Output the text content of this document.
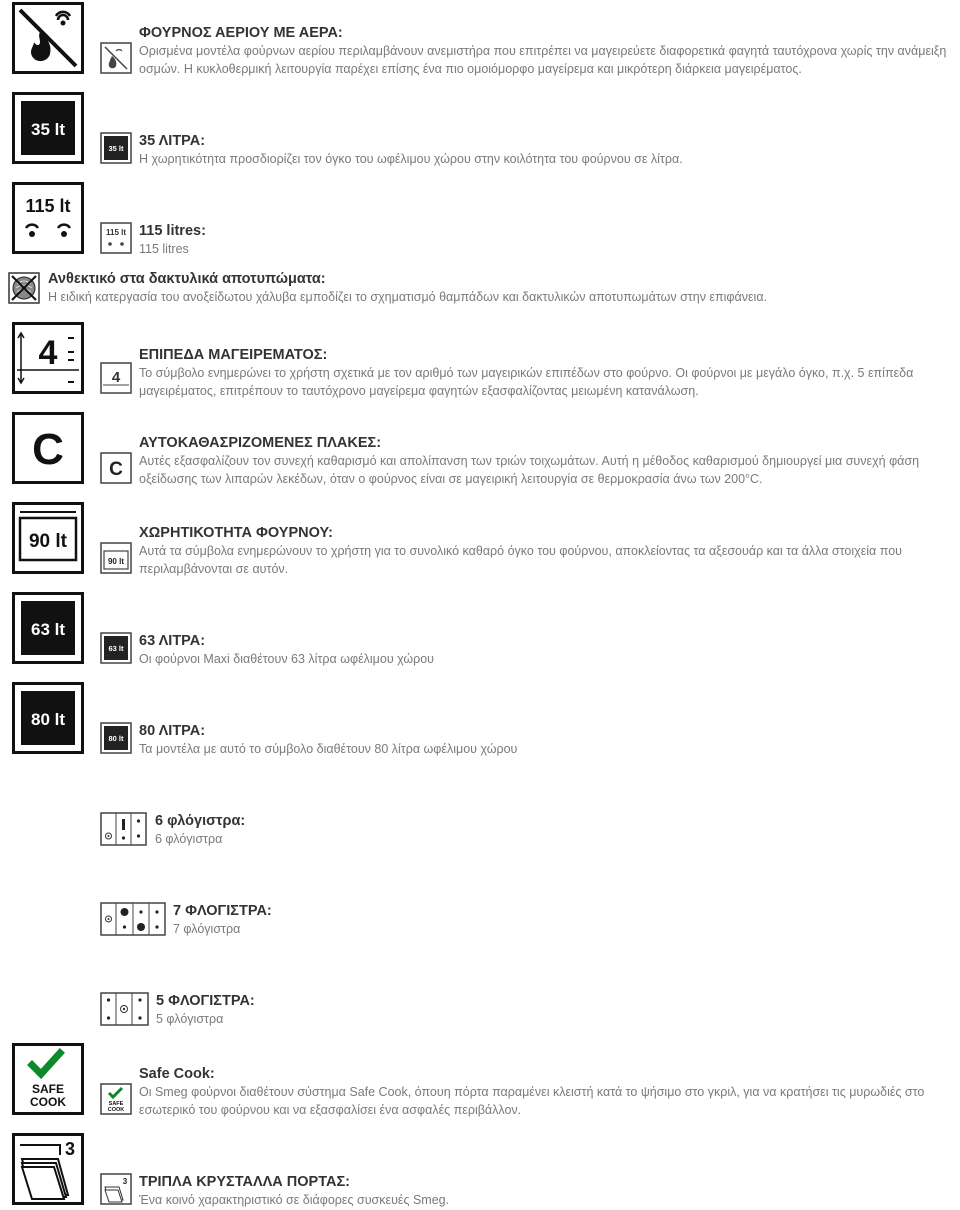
ΦΟΥΡΝΟΣ ΑΕΡΙΟΥ ΜΕ ΑΕΡΑ:
Ορισμένα μοντέλα φούρνων αερίου περιλαμβάνουν ανεμιστήρα που επιτρέπει να μαγειρεύετε διαφορετικά φαγητά ταυτόχρονα χωρίς την ανάμειξη οσμών. Η κυκλοθερμική λειτουργία παρέχει επίσης ένα πιο ομοιόμορφο μαγείρεμα και μικρότερη διάρκεια μαγειρέματος.
35 lt
35 lt 35 ΛΙΤΡΑ:
Η χωρητικότητα προσδιορίζει τον όγκο του ωφέλιμου χώρου στην κοιλότητα του φούρνου σε λίτρα.
115 lt
115 lt 115 litres:
115 litres
Ανθεκτικό στα δακτυλικά αποτυπώματα:
Η ειδική κατεργασία του ανοξείδωτου χάλυβα εμποδίζει το σχηματισμό θαμπάδων και δακτυλικών αποτυπωμάτων στην επιφάνεια.
4
4
ΕΠΙΠΕΔΑ ΜΑΓΕΙΡΕΜΑΤΟΣ:
Το σύμβολο ενημερώνει το χρήστη σχετικά με τον αριθμό των μαγειρικών επιπέδων στο φούρνο. Οι φούρνοι με μεγάλο όγκο, π.χ. 5 επίπεδα μαγειρέματος, επιτρέπουν το ταυτόχρονο μαγείρεμα φαγητών εξασφαλίζοντας μειωμένη κατανάλωση.
C C
ΑΥΤΟΚΑΘΑΣΡΙΖΟΜΕΝΕΣ ΠΛΑΚΕΣ:
Αυτές εξασφαλίζουν τον συνεχή καθαρισμό και απολίπανση των τριών τοιχωμάτων. Αυτή η μέθοδος καθαρισμού δημιουργεί μια συνεχή φάση οξείδωσης των λιπαρών λεκέδων, όταν ο φούρνος είναι σε μαγειρική λειτουργία σε θερμοκρασία άνω των 200°C.
90 lt
90 lt
ΧΩΡΗΤΙΚΟΤΗΤΑ ΦΟΥΡΝΟΥ:
Αυτά τα σύμβολα ενημερώνουν το χρήστη για το συνολικό καθαρό όγκο του φούρνου, αποκλείοντας τα αξεσουάρ και τα άλλα στοιχεία που περιλαμβάνονται σε αυτόν.
63 lt
63 lt 63 ΛΙΤΡΑ:
Οι φούρνοι Maxi διαθέτουν 63 λίτρα ωφέλιμου χώρου
80 lt
80 lt 80 ΛΙΤΡΑ:
Τα μοντέλα με αυτό το σύμβολο διαθέτουν 80 λίτρα ωφέλιμου χώρου
6 φλόγιστρα:
6 φλόγιστρα
7 ΦΛΟΓΙΣΤΡΑ:
7 φλόγιστρα
5 ΦΛΟΓΙΣΤΡΑ:
5 φλόγιστρα
SAFE
COOK	SAFE
COOK
Safe Cook:
Οι Smeg φούρνοι διαθέτουν σύστημα Safe Cook, όπουη πόρτα παραμένει κλειστή κατά το ψήσιμο στο γκριλ, για να κρατήσει τις μυρωδιές στο εσωτερικό του φούρνου και να εξασφαλίσει ένα ασφαλές περιβάλλον.
3
3 ΤΡΙΠΛΑ ΚΡΥΣΤΑΛΛΑ ΠΟΡΤΑΣ:
Ένα κοινό χαρακτηριστικό σε διάφορες συσκευές Smeg.
